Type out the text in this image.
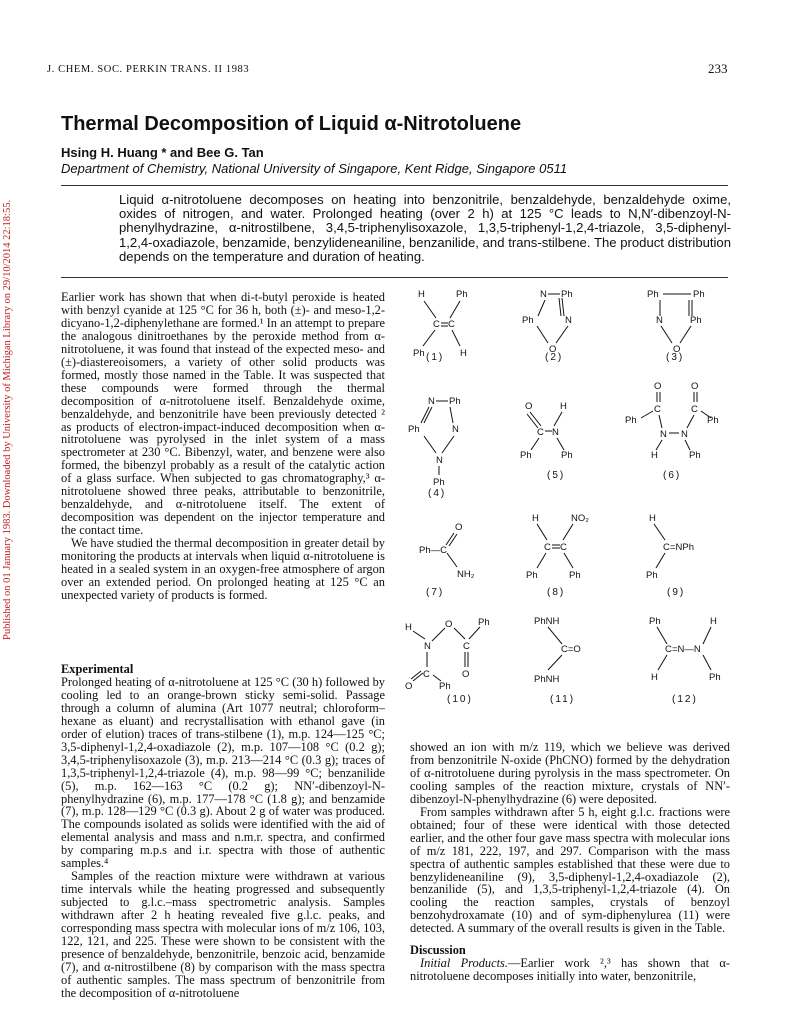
Published on 01 January 1983. Downloaded by University of Michigan Library on 29/10/2014 22:18:55.
J. CHEM. SOC. PERKIN TRANS. II 1983	233
Thermal Decomposition of Liquid α-Nitrotoluene
Hsing H. Huang * and Bee G. Tan
Department of Chemistry, National University of Singapore, Kent Ridge, Singapore 0511
Liquid α-nitrotoluene decomposes on heating into benzonitrile, benzaldehyde, benzaldehyde oxime, oxides of nitrogen, and water. Prolonged heating (over 2 h) at 125 °C leads to N,N′-dibenzoyl-N-phenylhydrazine, α-nitrostilbene, 3,4,5-triphenylisoxazole, 1,3,5-triphenyl-1,2,4-triazole, 3,5-diphenyl-1,2,4-oxadiazole, benzamide, benzylideneaniline, benzanilide, and trans-stilbene. The product distribution depends on the temperature and duration of heating.

Earlier work has shown that when di-t-butyl peroxide is heated with benzyl cyanide at 125 °C for 36 h, both (±)- and meso-1,2-dicyano-1,2-diphenylethane are formed.¹ In an attempt to prepare the analogous dinitroethanes by the peroxide method from α-nitrotoluene, it was found that instead of the expected meso- and (±)-diastereoisomers, a variety of other solid products was formed, mostly those named in the Table. It was suspected that these compounds were formed through the thermal decomposition of α-nitrotoluene itself. Benzaldehyde oxime, benzaldehyde, and benzonitrile have been previously detected ² as products of electron-impact-induced decomposition when α-nitrotoluene was pyrolysed in the inlet system of a mass spectrometer at 230 °C. Bibenzyl, water, and benzene were also formed, the bibenzyl probably as a result of the catalytic action of a glass surface. When subjected to gas chromatography,³ α-nitrotoluene showed three peaks, attributable to benzonitrile, benzaldehyde, and α-nitrotoluene itself. The extent of decomposition was dependent on the injector temperature and the contact time.

We have studied the thermal decomposition in greater detail by monitoring the products at intervals when liquid α-nitrotoluene is heated in a sealed system in an oxygen-free atmosphere of argon over an extended period. On prolonged heating at 125 °C an unexpected variety of products is formed.

Experimental

Prolonged heating of α-nitrotoluene at 125 °C (30 h) followed by cooling led to an orange-brown sticky semi-solid. Passage through a column of alumina (Art 1077 neutral; chloroform–hexane as eluant) and recrystallisation with ethanol gave (in order of elution) traces of trans-stilbene (1), m.p. 124—125 °C; 3,5-diphenyl-1,2,4-oxadiazole (2), m.p. 107—108 °C (0.2 g); 3,4,5-triphenylisoxazole (3), m.p. 213—214 °C (0.3 g); traces of 1,3,5-triphenyl-1,2,4-triazole (4), m.p. 98—99 °C; benzanilide (5), m.p. 162—163 °C (0.2 g); NN′-dibenzoyl-N-phenylhydrazine (6), m.p. 177—178 °C (1.8 g); and benzamide (7), m.p. 128—129 °C (0.3 g). About 2 g of water was produced. The compounds isolated as solids were identified with the aid of elemental analysis and mass and n.m.r. spectra, and confirmed by comparing m.p.s and i.r. spectra with those of authentic samples.⁴

Samples of the reaction mixture were withdrawn at various time intervals while the heating progressed and subsequently subjected to g.l.c.–mass spectrometric analysis. Samples withdrawn after 2 h heating revealed five g.l.c. peaks, and corresponding mass spectra with molecular ions of m/z 106, 103, 122, 121, and 225. These were shown to be consistent with the presence of benzaldehyde, benzonitrile, benzoic acid, benzamide (7), and α-nitrostilbene (8) by comparison with the mass spectra of authentic samples. The mass spectrum of benzonitrile from the decomposition of α-nitrotoluene

showed an ion with m/z 119, which we believe was derived from benzonitrile N-oxide (PhCNO) formed by the dehydration of α-nitrotoluene during pyrolysis in the mass spectrometer. On cooling samples of the reaction mixture, crystals of NN′-dibenzoyl-N-phenylhydrazine (6) were deposited.

From samples withdrawn after 5 h, eight g.l.c. fractions were obtained; four of these were identical with those detected earlier, and the other four gave mass spectra with molecular ions of m/z 181, 222, 197, and 297. Comparison with the mass spectra of authentic samples established that these were due to benzylideneaniline (9), 3,5-diphenyl-1,2,4-oxadiazole (2), benzanilide (5), and 1,3,5-triphenyl-1,2,4-triazole (4). On cooling the reaction samples, crystals of benzoyl benzohydroxamate (10) and of sym-diphenylurea (11) were detected. A summary of the overall results is given in the Table.

Discussion

Initial Products.—Earlier work ²,³ has shown that α-nitrotoluene decomposes initially into water, benzonitrile,

H	Ph
C C
Ph	H
(1)
N Ph
Ph	N
O
(2)
Ph	Ph
N	Ph
O
(3)
N Ph
Ph	N
N
Ph
(4)
O	H
C N
Ph	Ph
(5)
O	O
C	C
Ph	Ph
N N
H	Ph
(6)
O
Ph—C
NH₂
(7)
H	NO₂
C C
Ph	Ph
(8)
H
C =NPh
Ph
(9)
H
N
O
C
Ph
O
C
O	Ph
(10)
PhNH
C=O
PhNH
(11)
Ph	H
C =N—N
H	Ph
(12)
